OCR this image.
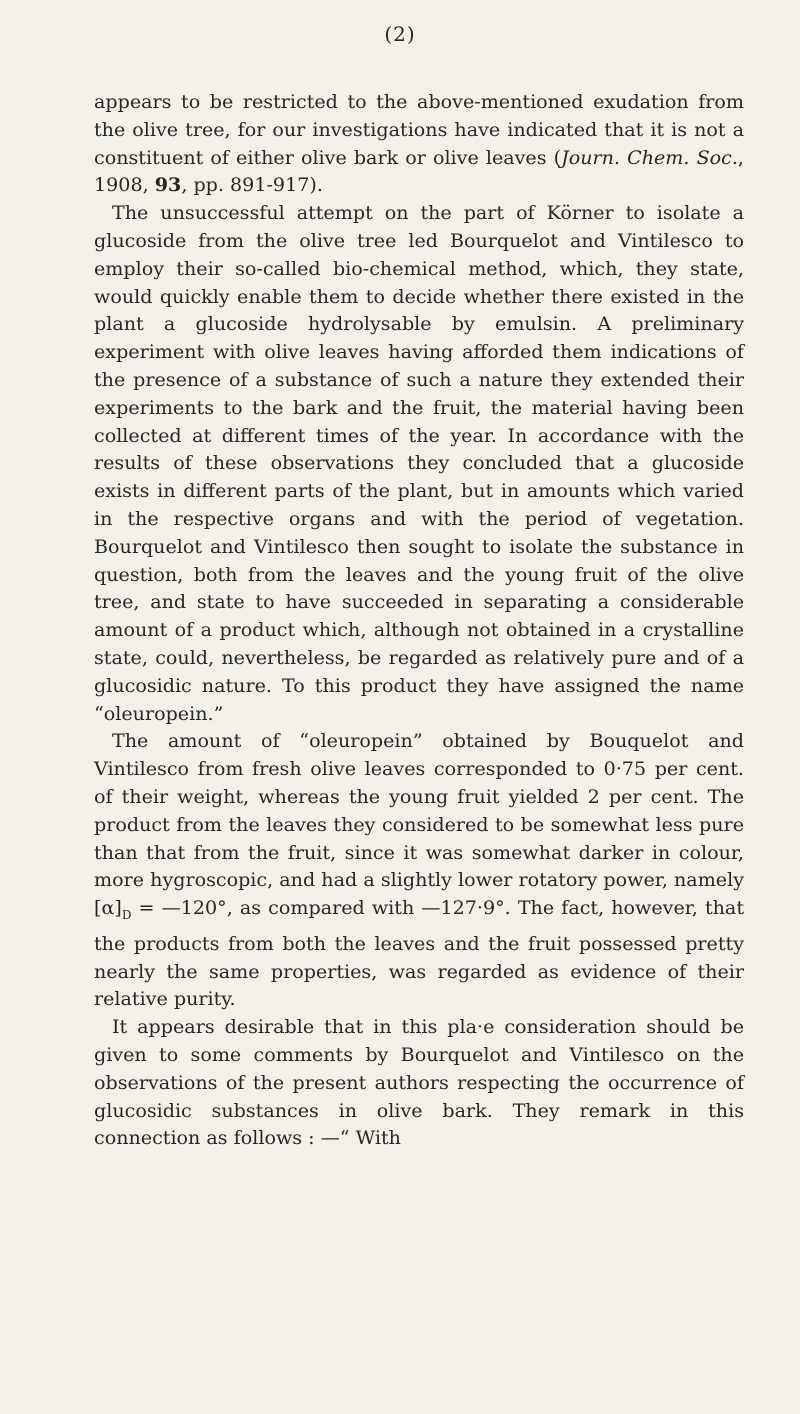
(2)

appears to be restricted to the above-mentioned exudation from the olive tree, for our investigations have indicated that it is not a constituent of either olive bark or olive leaves (Journ. Chem. Soc., 1908, 93, pp. 891-917).

The unsuccessful attempt on the part of Körner to isolate a glucoside from the olive tree led Bourquelot and Vintilesco to employ their so-called bio-chemical method, which, they state, would quickly enable them to decide whether there existed in the plant a glucoside hydrolysable by emulsin. A preliminary experiment with olive leaves having afforded them indications of the presence of a substance of such a nature they extended their experiments to the bark and the fruit, the material having been collected at different times of the year. In accordance with the results of these observations they concluded that a glucoside exists in different parts of the plant, but in amounts which varied in the respective organs and with the period of vegetation. Bourquelot and Vintilesco then sought to isolate the substance in question, both from the leaves and the young fruit of the olive tree, and state to have succeeded in separating a considerable amount of a product which, although not obtained in a crystalline state, could, nevertheless, be regarded as relatively pure and of a glucosidic nature. To this product they have assigned the name “oleuropein.”

The amount of “oleuropein” obtained by Bouquelot and Vintilesco from fresh olive leaves corresponded to 0·75 per cent. of their weight, whereas the young fruit yielded 2 per cent. The product from the leaves they considered to be somewhat less pure than that from the fruit, since it was somewhat darker in colour, more hygroscopic, and had a slightly lower rotatory power, namely $[\alpha]_D$ = —120°, as compared with —127·9°. The fact, however, that the products from both the leaves and the fruit possessed pretty nearly the same properties, was regarded as evidence of their relative purity.

It appears desirable that in this pla·e consideration should be given to some comments by Bourquelot and Vintilesco on the observations of the present authors respecting the occurrence of glucosidic substances in olive bark. They remark in this connection as follows : —“ With
